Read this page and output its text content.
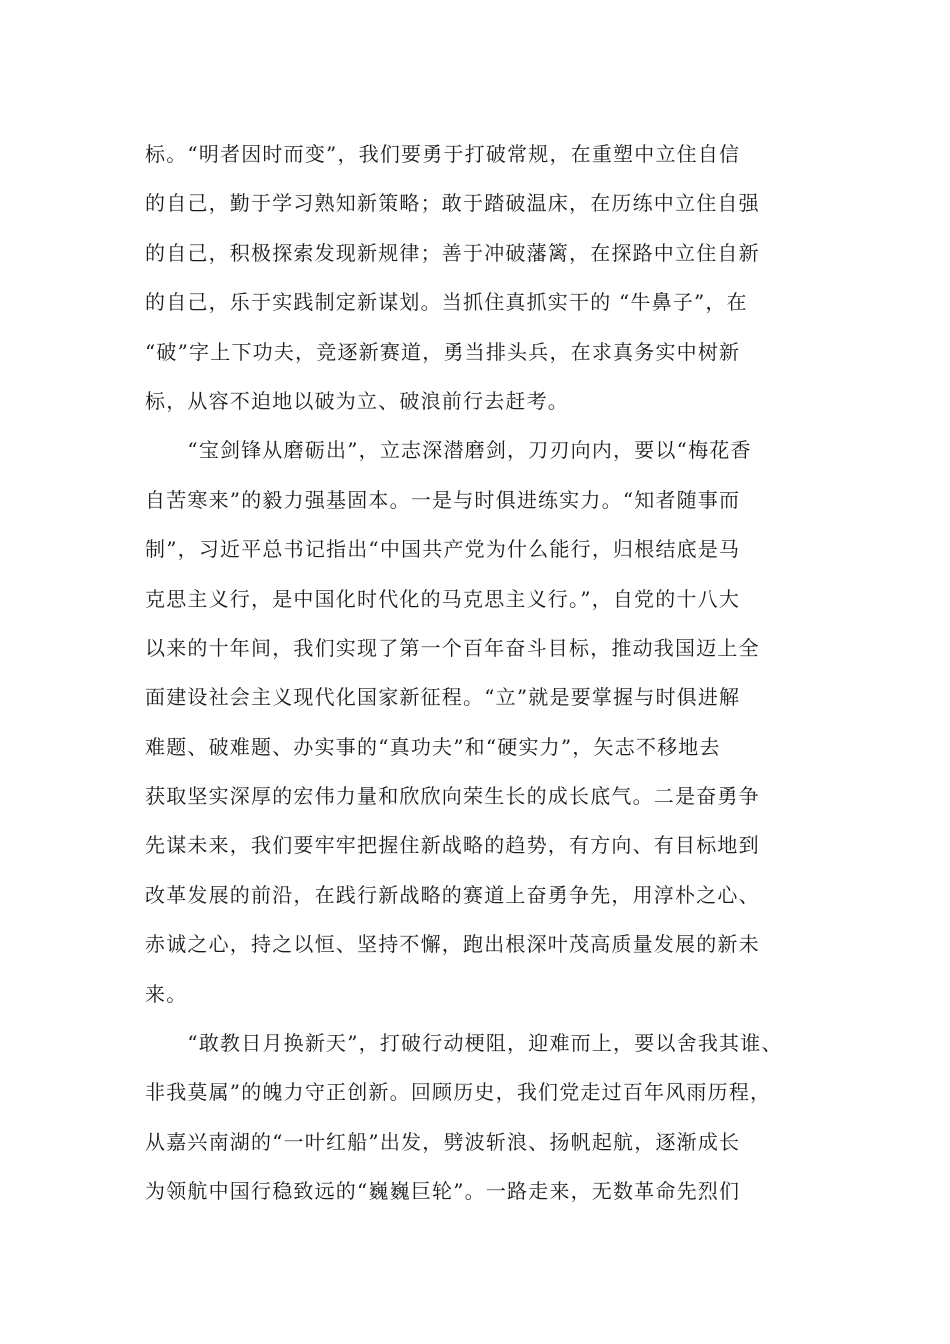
标。“明者因时而变”，我们要勇于打破常规，在重塑中立住自信
的自己，勤于学习熟知新策略；敢于踏破温床，在历练中立住自强
的自己，积极探索发现新规律；善于冲破藩篱，在探路中立住自新
的自己，乐于实践制定新谋划。当抓住真抓实干的 “牛鼻子”，在
“破”字上下功夫，竞逐新赛道，勇当排头兵，在求真务实中树新
标，从容不迫地以破为立、破浪前行去赶考。
　　“宝剑锋从磨砺出”，立志深潜磨剑，刀刃向内，要以“梅花香
自苦寒来”的毅力强基固本。一是与时俱进练实力。“知者随事而
制”，习近平总书记指出“中国共产党为什么能行，归根结底是马
克思主义行，是中国化时代化的马克思主义行。”，自党的十八大
以来的十年间，我们实现了第一个百年奋斗目标，推动我国迈上全
面建设社会主义现代化国家新征程。“立”就是要掌握与时俱进解
难题、破难题、办实事的“真功夫”和“硬实力”，矢志不移地去
获取坚实深厚的宏伟力量和欣欣向荣生长的成长底气。二是奋勇争
先谋未来，我们要牢牢把握住新战略的趋势，有方向、有目标地到
改革发展的前沿，在践行新战略的赛道上奋勇争先，用淳朴之心、
赤诚之心，持之以恒、坚持不懈，跑出根深叶茂高质量发展的新未
来。
　　“敢教日月换新天”，打破行动梗阻，迎难而上，要以舍我其谁、
非我莫属”的魄力守正创新。回顾历史，我们党走过百年风雨历程，
从嘉兴南湖的“一叶红船”出发，劈波斩浪、扬帆起航，逐渐成长
为领航中国行稳致远的“巍巍巨轮”。一路走来，无数革命先烈们
